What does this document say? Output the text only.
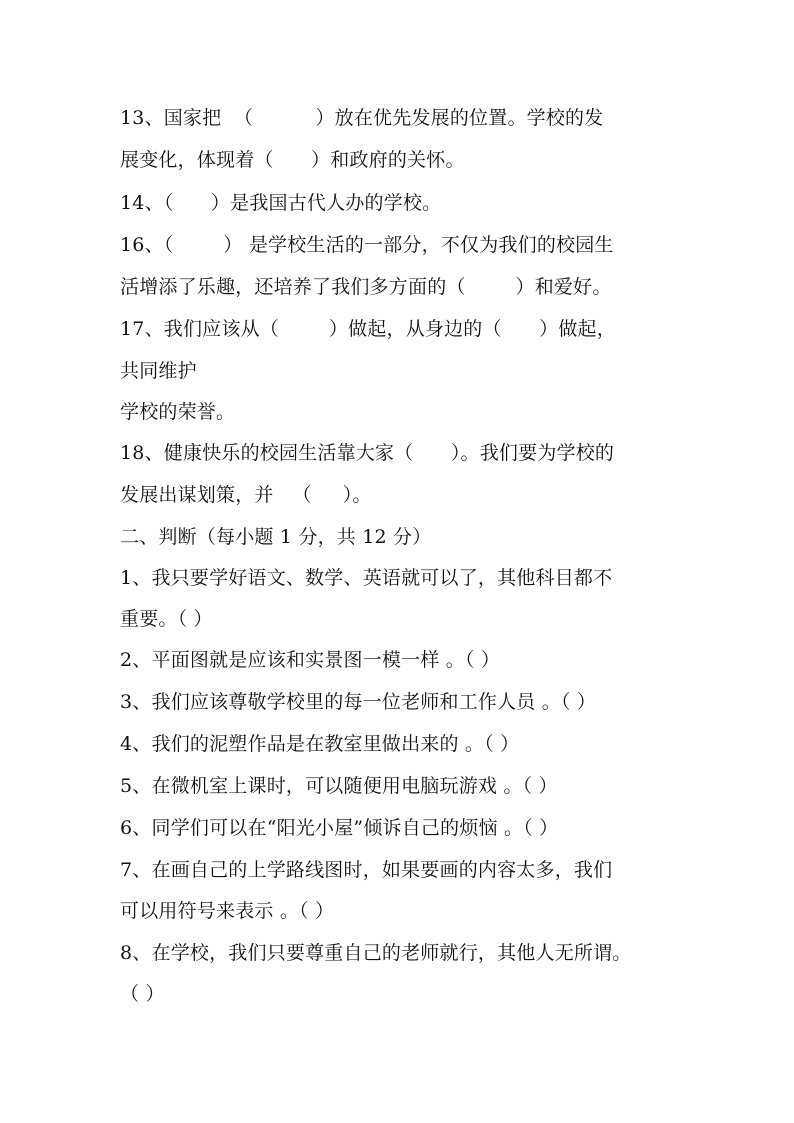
13、国家把  （          ）放在优先发展的位置。学校的发
展变化，体现着（      ）和政府的关怀。
14、（      ）是我国古代人办的学校。
16、（        ） 是学校生活的一部分，不仅为我们的校园生
活增添了乐趣，还培养了我们多方面的（        ）和爱好。
17、我们应该从（        ）做起，从身边的（      ）做起，
共同维护
学校的荣誉。
18、健康快乐的校园生活靠大家（      ）。我们要为学校的
发展出谋划策，并   （     ）。
二、判断（每小题 1 分，共 12 分）
1、我只要学好语文、数学、英语就可以了，其他科目都不
重要。（ ）
2、平面图就是应该和实景图一模一样 。（ ）
3、我们应该尊敬学校里的每一位老师和工作人员 。（ ）
4、我们的泥塑作品是在教室里做出来的 。（ ）
5、在微机室上课时，可以随便用电脑玩游戏 。（ ）
6、同学们可以在“阳光小屋”倾诉自己的烦恼 。（ ）
7、在画自己的上学路线图时，如果要画的内容太多，我们
可以用符号来表示 。（ ）
8、在学校，我们只要尊重自己的老师就行，其他人无所谓。
（ ）
